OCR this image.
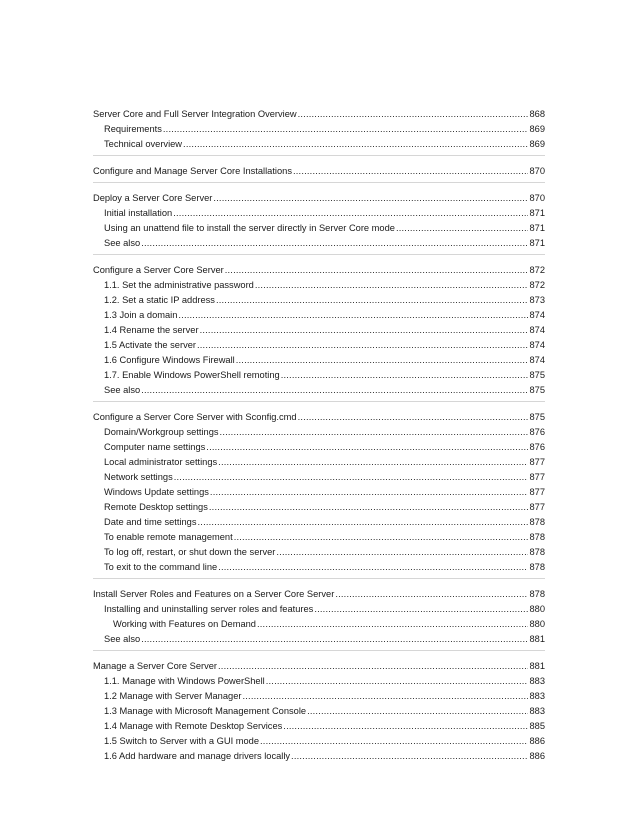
Server Core and Full Server Integration Overview .....	868
Requirements .....	869
Technical overview .....	869
Configure and Manage Server Core Installations .....	870
Deploy a Server Core Server .....	870
Initial installation .....	871
Using an unattend file to install the server directly in Server Core mode .....	871
See also .....	871
Configure a Server Core Server .....	872
1.1. Set the administrative password .....	872
1.2. Set a static IP address .....	873
1.3 Join a domain .....	874
1.4 Rename the server .....	874
1.5 Activate the server .....	874
1.6 Configure Windows Firewall .....	874
1.7. Enable Windows PowerShell remoting .....	875
See also .....	875
Configure a Server Core Server with Sconfig.cmd .....	875
Domain/Workgroup settings .....	876
Computer name settings .....	876
Local administrator settings .....	877
Network settings .....	877
Windows Update settings .....	877
Remote Desktop settings .....	877
Date and time settings .....	878
To enable remote management .....	878
To log off, restart, or shut down the server .....	878
To exit to the command line .....	878
Install Server Roles and Features on a Server Core Server .....	878
Installing and uninstalling server roles and features .....	880
Working with Features on Demand .....	880
See also .....	881
Manage a Server Core Server .....	881
1.1. Manage with Windows PowerShell .....	883
1.2 Manage with Server Manager .....	883
1.3 Manage with Microsoft Management Console .....	883
1.4 Manage with Remote Desktop Services .....	885
1.5 Switch to Server with a GUI mode .....	886
1.6 Add hardware and manage drivers locally .....	886
